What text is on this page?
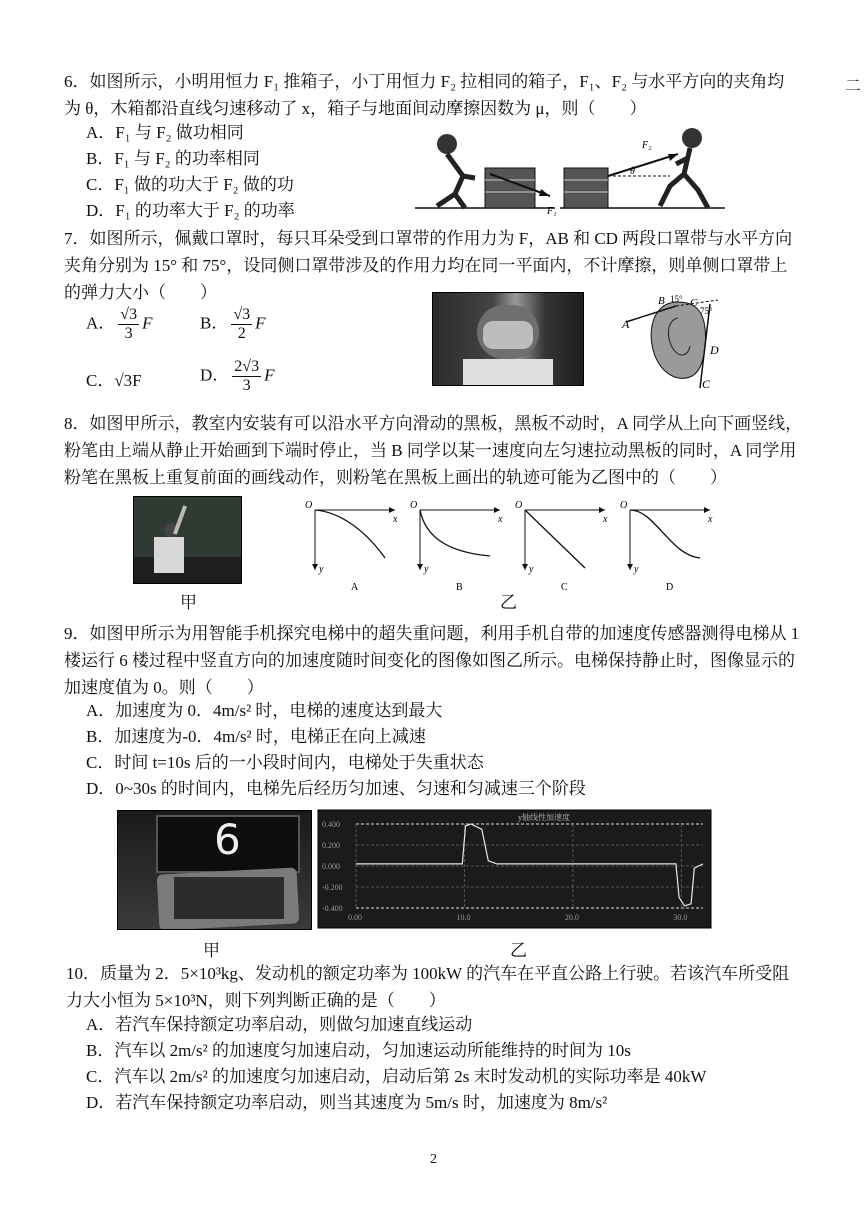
6．如图所示，小明用恒力 F₁ 推箱子，小丁用恒力 F₂ 拉相同的箱子，F₁、F₂ 与水平方向的夹角均为 θ，木箱都沿直线匀速移动了 x，箱子与地面间动摩擦因数为 μ，则（　　）
A．F₁ 与 F₂ 做功相同
B．F₁ 与 F₂ 的功率相同
C．F₁ 做的功大于 F₂ 做的功
D．F₁ 的功率大于 F₂ 的功率	F₁
F₂
θ
7．如图所示，佩戴口罩时，每只耳朵受到口罩带的作用力为 F，AB 和 CD 两段口罩带与水平方向夹角分别为 15° 和 75°，设同侧口罩带涉及的作用力均在同一平面内，不计摩擦，则单侧口罩带上的弹力大小（　　）
A． $\frac{√3}{3}$ F	B． $\frac{√3}{2}$ F
C．√3F	D． $\frac{2√3}{3}$ F
A
B 15° C
75°
D
C
8．如图甲所示，教室内安装有可以沿水平方向滑动的黑板，黑板不动时，A 同学从上向下画竖线，粉笔由上端从静止开始画到下端时停止，当 B 同学以某一速度向左匀速拉动黑板的同时，A 同学用粉笔在黑板上重复前面的画线动作，则粉笔在黑板上画出的轨迹可能为乙图中的（　　）
甲	乙
O
x
y
A
O
x
y
B
O
x
y
C
O
x
y
D
9．如图甲所示为用智能手机探究电梯中的超失重问题，利用手机自带的加速度传感器测得电梯从 1 楼运行 6 楼过程中竖直方向的加速度随时间变化的图像如图乙所示。电梯保持静止时，图像显示的加速度值为 0。则（　　）
A．加速度为 0．4m/s² 时，电梯的速度达到最大
B．加速度为-0．4m/s² 时，电梯正在向上减速
C．时间 t=10s 后的一小段时间内，电梯处于失重状态
D．0~30s 的时间内，电梯先后经历匀加速、匀速和匀减速三个阶段
6	y轴线性加速度
0.400
0.200
0.000
-0.200
-0.400
0.00	10.0	20.0	30.0
甲	乙
10．质量为 2．5×10³kg、发动机的额定功率为 100kW 的汽车在平直公路上行驶。若该汽车所受阻力大小恒为 5×10³N，则下列判断正确的是（　　）
A．若汽车保持额定功率启动，则做匀加速直线运动
B．汽车以 2m/s² 的加速度匀加速启动，匀加速运动所能维持的时间为 10s
C．汽车以 2m/s² 的加速度匀加速启动，启动后第 2s 末时发动机的实际功率是 40kW
D．若汽车保持额定功率启动，则当其速度为 5m/s 时，加速度为 8m/s²
2
二
